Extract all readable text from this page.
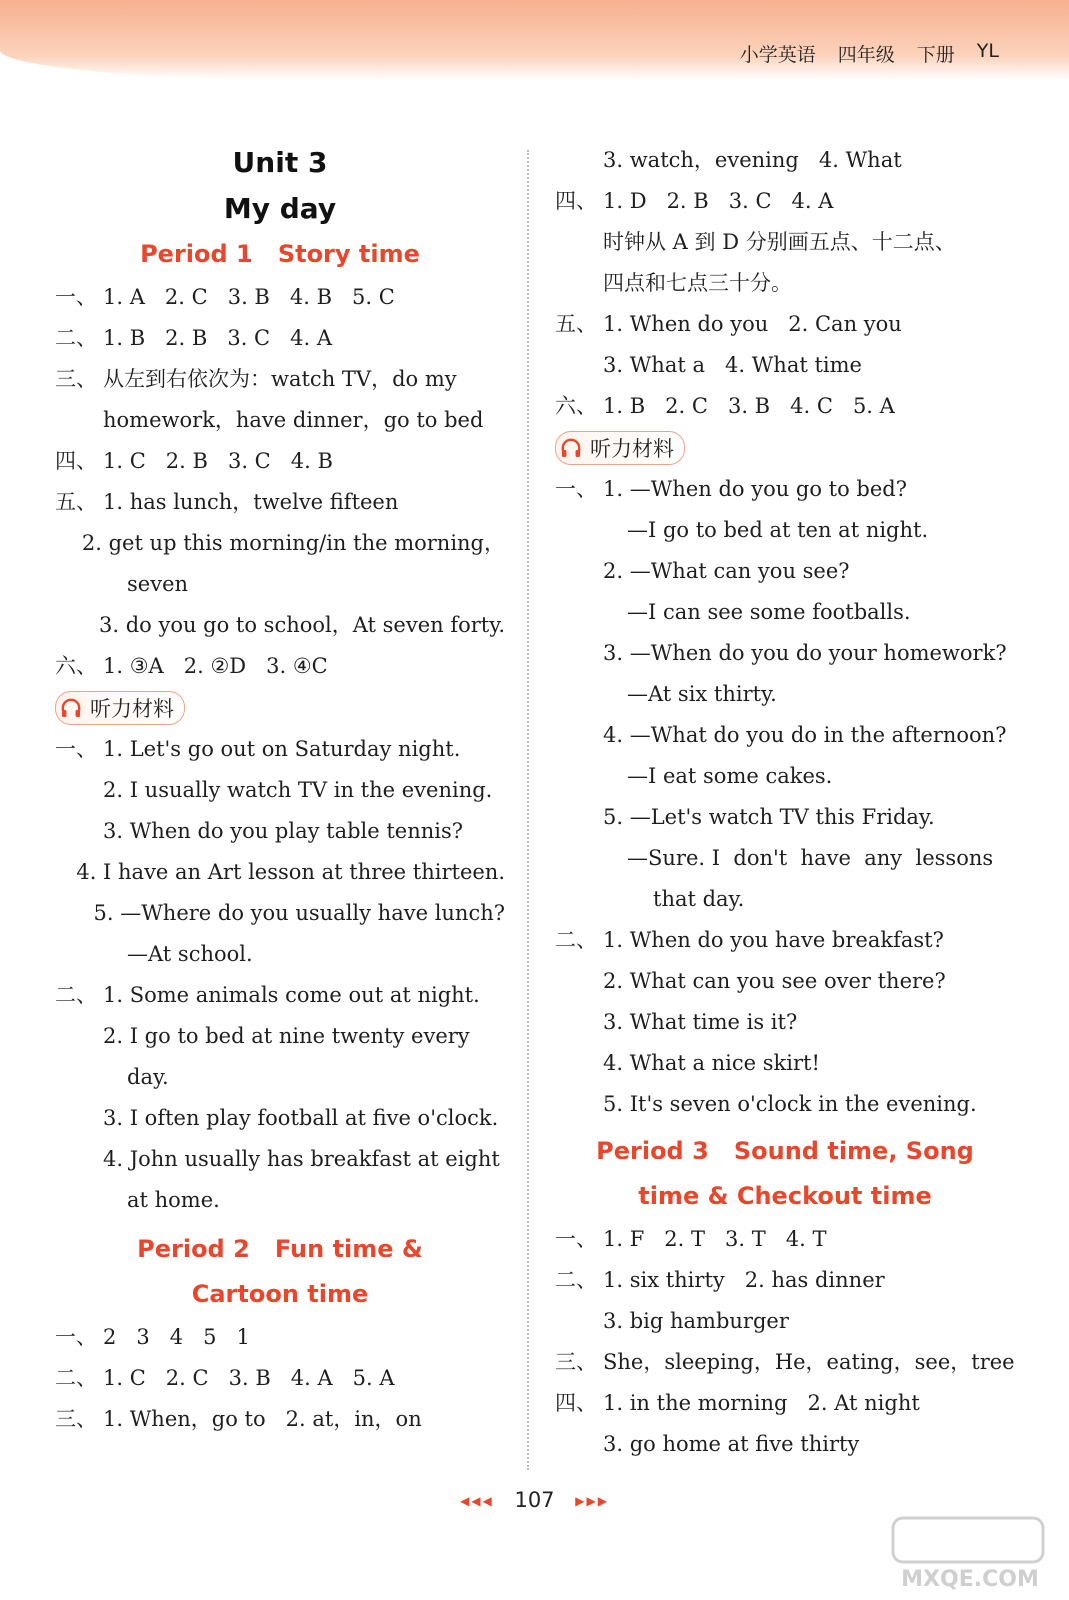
小学英语 四年级 下册 YL
Unit 3
My day
Period 1   Story time
一、 1. A   2. C   3. B   4. B   5. C
二、 1. B   2. B   3. C   4. A
三、 从左到右依次为：watch TV，do my
homework，have dinner，go to bed
四、 1. C   2. B   3. C   4. B
五、 1. has lunch，twelve fifteen
2. get up this morning/in the morning，
seven
3. do you go to school，At seven forty.
六、 1. ③A   2. ②D   3. ④C
听力材料
一、 1. Let's go out on Saturday night.
2. I usually watch TV in the evening.
3. When do you play table tennis?
4. I have an Art lesson at three thirteen.
5. —Where do you usually have lunch?
—At school.
二、 1. Some animals come out at night.
2. I go to bed at nine twenty every
day.
3. I often play football at five o'clock.
4. John usually has breakfast at eight
at home.
Period 2   Fun time &
Cartoon time
一、 2   3   4   5   1
二、 1. C   2. C   3. B   4. A   5. A
三、 1. When，go to   2. at，in，on
3. watch，evening   4. What
四、 1. D   2. B   3. C   4. A
时钟从 A 到 D 分别画五点、十二点、
四点和七点三十分。
五、 1. When do you   2. Can you
3. What a   4. What time
六、 1. B   2. C   3. B   4. C   5. A
听力材料
一、 1. —When do you go to bed?
—I go to bed at ten at night.
2. —What can you see?
—I can see some footballs.
3. —When do you do your homework?
—At six thirty.
4. —What do you do in the afternoon?
—I eat some cakes.
5. —Let's watch TV this Friday.
—Sure. I  don't  have  any  lessons
that day.
二、 1. When do you have breakfast?
2. What can you see over there?
3. What time is it?
4. What a nice skirt!
5. It's seven o'clock in the evening.
Period 3   Sound time, Song
time & Checkout time
一、 1. F   2. T   3. T   4. T
二、 1. six thirty   2. has dinner
3. big hamburger
三、 She，sleeping，He，eating，see，tree
四、 1. in the morning   2. At night
3. go home at five thirty
◀◀◀ 107 ▶▶▶
MXQE.COM
